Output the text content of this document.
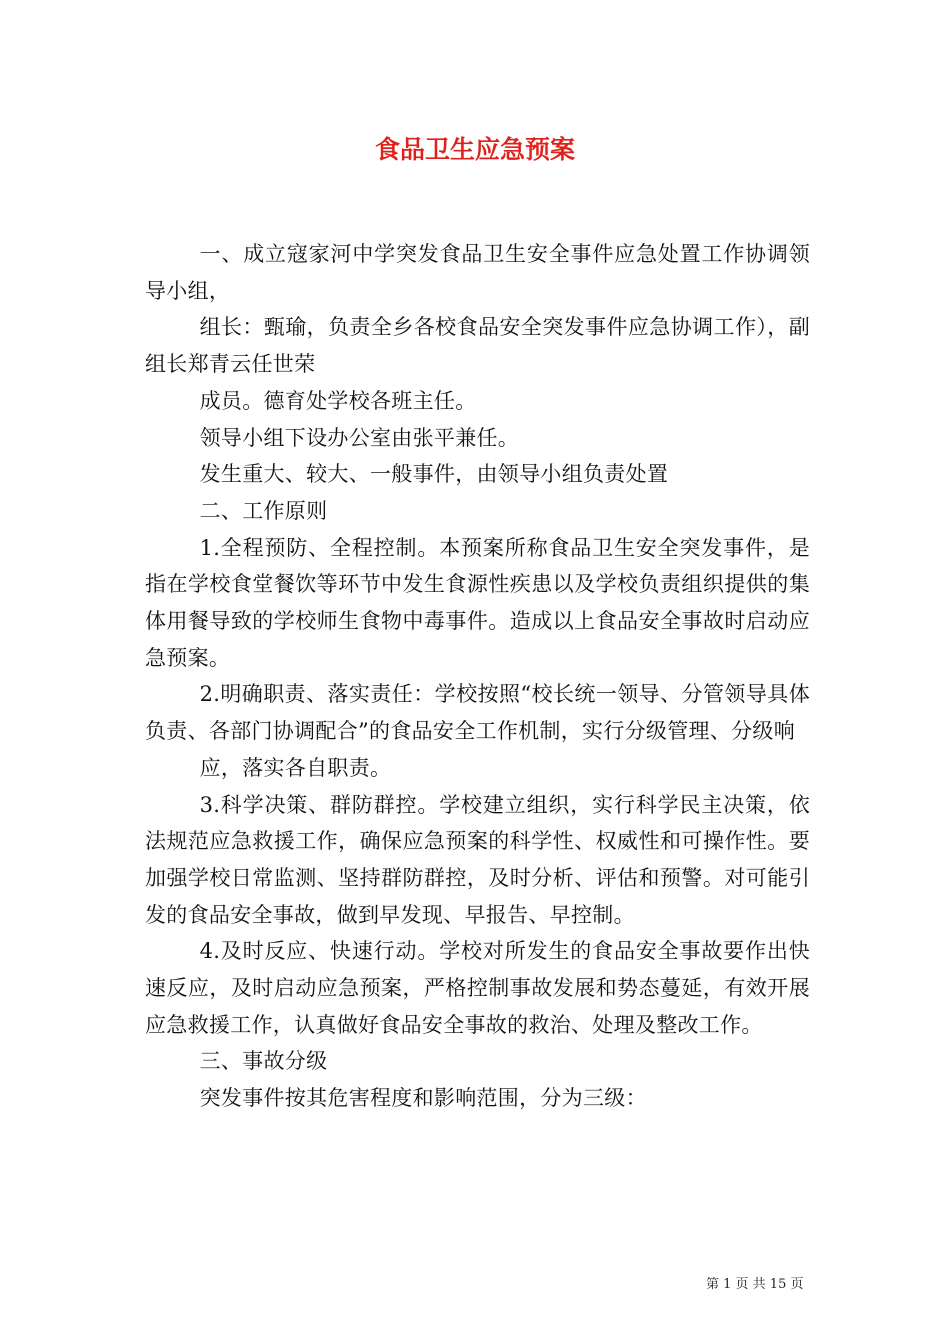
食品卫生应急预案

一、成立寇家河中学突发食品卫生安全事件应急处置工作协调领导小组，

组长：甄瑜，负责全乡各校食品安全突发事件应急协调工作），副组长郑青云任世荣

成员。德育处学校各班主任。

领导小组下设办公室由张平兼任。

发生重大、较大、一般事件，由领导小组负责处置

二、工作原则

1.全程预防、全程控制。本预案所称食品卫生安全突发事件，是指在学校食堂餐饮等环节中发生食源性疾患以及学校负责组织提供的集体用餐导致的学校师生食物中毒事件。造成以上食品安全事故时启动应急预案。

2.明确职责、落实责任：学校按照“校长统一领导、分管领导具体负责、各部门协调配合”的食品安全工作机制，实行分级管理、分级响

应，落实各自职责。

3.科学决策、群防群控。学校建立组织，实行科学民主决策，依法规范应急救援工作，确保应急预案的科学性、权威性和可操作性。要加强学校日常监测、坚持群防群控，及时分析、评估和预警。对可能引发的食品安全事故，做到早发现、早报告、早控制。

4.及时反应、快速行动。学校对所发生的食品安全事故要作出快速反应，及时启动应急预案，严格控制事故发展和势态蔓延，有效开展应急救援工作，认真做好食品安全事故的救治、处理及整改工作。

三、事故分级

突发事件按其危害程度和影响范围，分为三级：

第 1 页 共 15 页
